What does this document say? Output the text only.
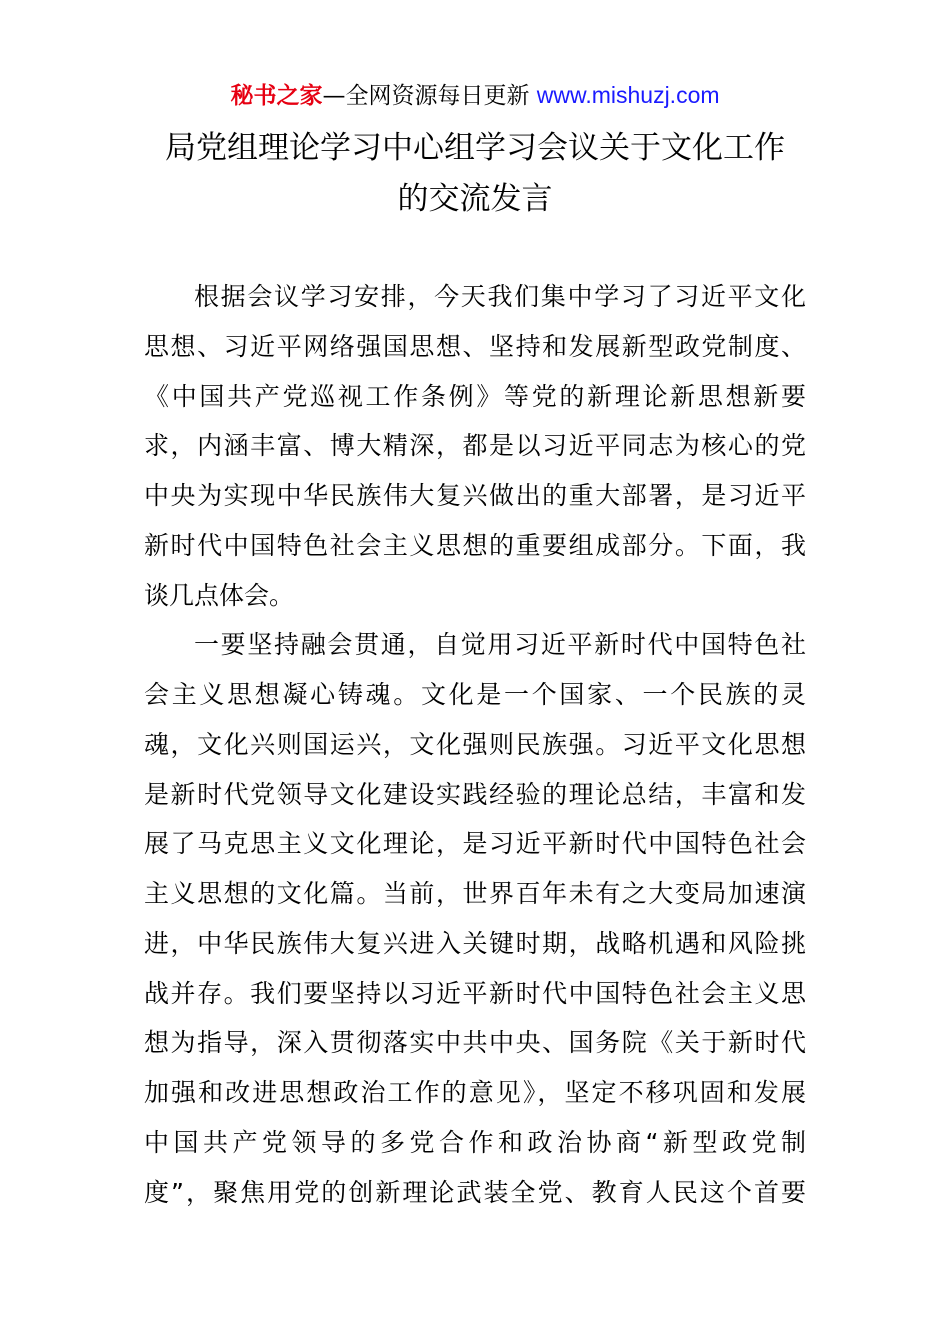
秘书之家—全网资源每日更新 www.mishuzj.com
局党组理论学习中心组学习会议关于文化工作
的交流发言
根据会议学习安排，今天我们集中学习了习近平文化
思想、习近平网络强国思想、坚持和发展新型政党制度、
《中国共产党巡视工作条例》等党的新理论新思想新要
求，内涵丰富、博大精深，都是以习近平同志为核心的党
中央为实现中华民族伟大复兴做出的重大部署，是习近平
新时代中国特色社会主义思想的重要组成部分。下面，我
谈几点体会。
一要坚持融会贯通，自觉用习近平新时代中国特色社
会主义思想凝心铸魂。文化是一个国家、一个民族的灵
魂，文化兴则国运兴，文化强则民族强。习近平文化思想
是新时代党领导文化建设实践经验的理论总结，丰富和发
展了马克思主义文化理论，是习近平新时代中国特色社会
主义思想的文化篇。当前，世界百年未有之大变局加速演
进，中华民族伟大复兴进入关键时期，战略机遇和风险挑
战并存。我们要坚持以习近平新时代中国特色社会主义思
想为指导，深入贯彻落实中共中央、国务院《关于新时代
加强和改进思想政治工作的意见》，坚定不移巩固和发展
中国共产党领导的多党合作和政治协商“新型政党制
度”，聚焦用党的创新理论武装全党、教育人民这个首要
